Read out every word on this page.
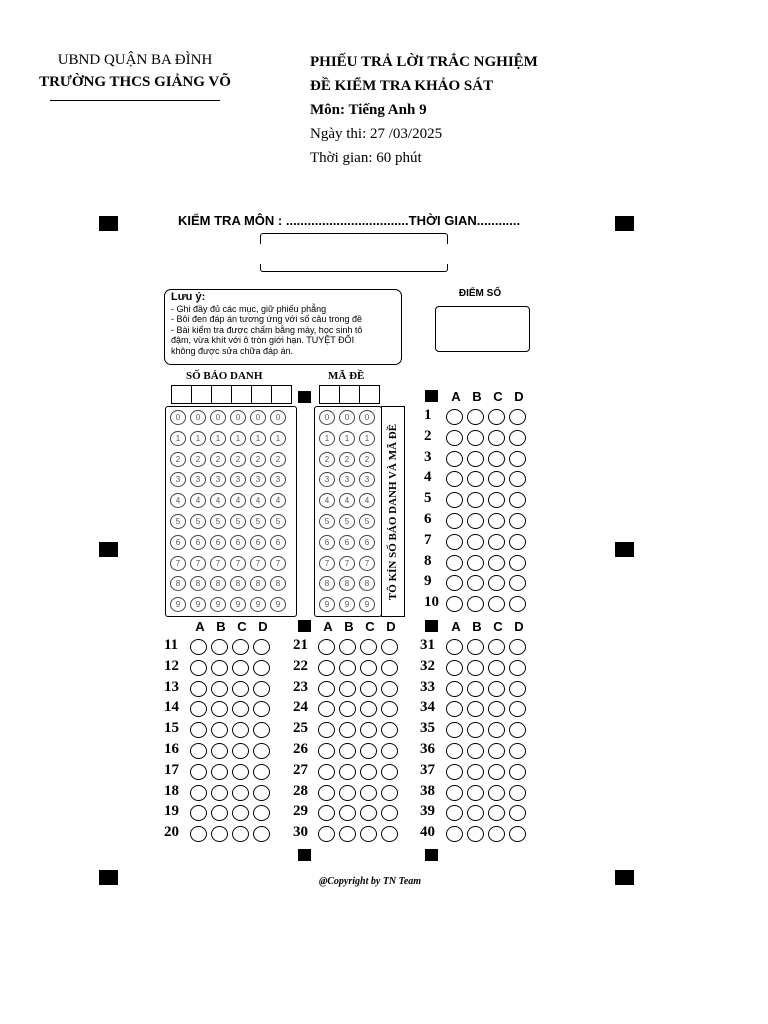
UBND QUẬN BA ĐÌNH
TRƯỜNG THCS GIẢNG VÕ
PHIẾU TRẢ LỜI TRẮC NGHIỆM
ĐỀ KIỂM TRA KHẢO SÁT
Môn: Tiếng Anh 9
Ngày thi: 27 /03/2025
Thời gian: 60 phút
KIỂM TRA MÔN : ..................................THỜI GIAN............
Lưu ý:
- Ghi đầy đủ các mục, giữ phiếu phẳng
- Bôi đen đáp án tương ứng với số câu trong đề
- Bài kiểm tra được chấm bằng máy, học sinh tô
đậm, vừa khít với ô tròn giới hạn. TUYỆT ĐỐI
không được sửa chữa đáp án.
ĐIỂM SỐ
SỐ BÁO DANH	MÃ ĐỀ
0
1
2
3
4
5
6
7
8
9
0
1
2
3
4
5
6
7
8
9
0
1
2
3
4
5
6
7
8
9
0
1
2
3
4
5
6
7
8
9
0
1
2
3
4
5
6
7
8
9
0
1
2
3
4
5
6
7
8
9
0
1
2
3
4
5
6
7
8
9
0
1
2
3
4
5
6
7
8
9
0
1
2
3
4
5
6
7
8
9
TÔ KÍN SỐ BÁO DANH VÀ MÃ ĐỀ
A B C D
1
2
3
4
5
6
7
8
9
10
A B C D
11
12
13
14
15
16
17
18
19
20
A B C D
21
22
23
24
25
26
27
28
29
30
A B C D
31
32
33
34
35
36
37
38
39
40
@Copyright by TN Team
